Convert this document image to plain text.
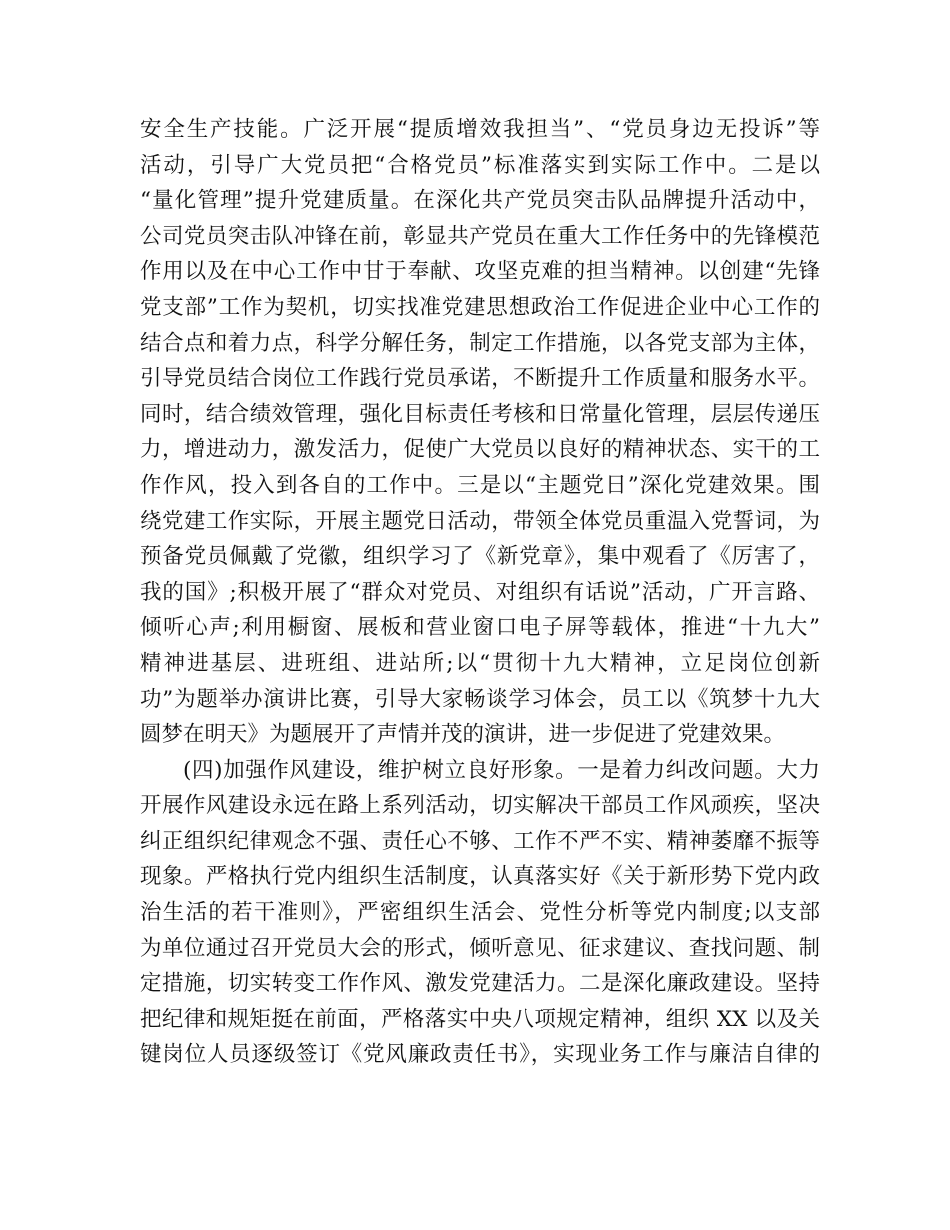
安全生产技能。广泛开展“提质增效我担当”、“党员身边无投诉”等
活动，引导广大党员把“合格党员”标准落实到实际工作中。二是以
“量化管理”提升党建质量。在深化共产党员突击队品牌提升活动中，
公司党员突击队冲锋在前，彰显共产党员在重大工作任务中的先锋模范
作用以及在中心工作中甘于奉献、攻坚克难的担当精神。以创建“先锋
党支部”工作为契机，切实找准党建思想政治工作促进企业中心工作的
结合点和着力点，科学分解任务，制定工作措施，以各党支部为主体，
引导党员结合岗位工作践行党员承诺，不断提升工作质量和服务水平。
同时，结合绩效管理，强化目标责任考核和日常量化管理，层层传递压
力，增进动力，激发活力，促使广大党员以良好的精神状态、实干的工
作作风，投入到各自的工作中。三是以“主题党日”深化党建效果。围
绕党建工作实际，开展主题党日活动，带领全体党员重温入党誓词，为
预备党员佩戴了党徽，组织学习了《新党章》，集中观看了《厉害了，
我的国》;积极开展了“群众对党员、对组织有话说”活动，广开言路、
倾听心声;利用橱窗、展板和营业窗口电子屏等载体，推进“十九大”
精神进基层、进班组、进站所;以“贯彻十九大精神，立足岗位创新
功”为题举办演讲比赛，引导大家畅谈学习体会，员工以《筑梦十九大
圆梦在明天》为题展开了声情并茂的演讲，进一步促进了党建效果。
(四)加强作风建设，维护树立良好形象。一是着力纠改问题。大力
开展作风建设永远在路上系列活动，切实解决干部员工作风顽疾，坚决
纠正组织纪律观念不强、责任心不够、工作不严不实、精神萎靡不振等
现象。严格执行党内组织生活制度，认真落实好《关于新形势下党内政
治生活的若干准则》，严密组织生活会、党性分析等党内制度;以支部
为单位通过召开党员大会的形式，倾听意见、征求建议、查找问题、制
定措施，切实转变工作作风、激发党建活力。二是深化廉政建设。坚持
把纪律和规矩挺在前面，严格落实中央八项规定精神，组织 XX 以及关
键岗位人员逐级签订《党风廉政责任书》，实现业务工作与廉洁自律的
